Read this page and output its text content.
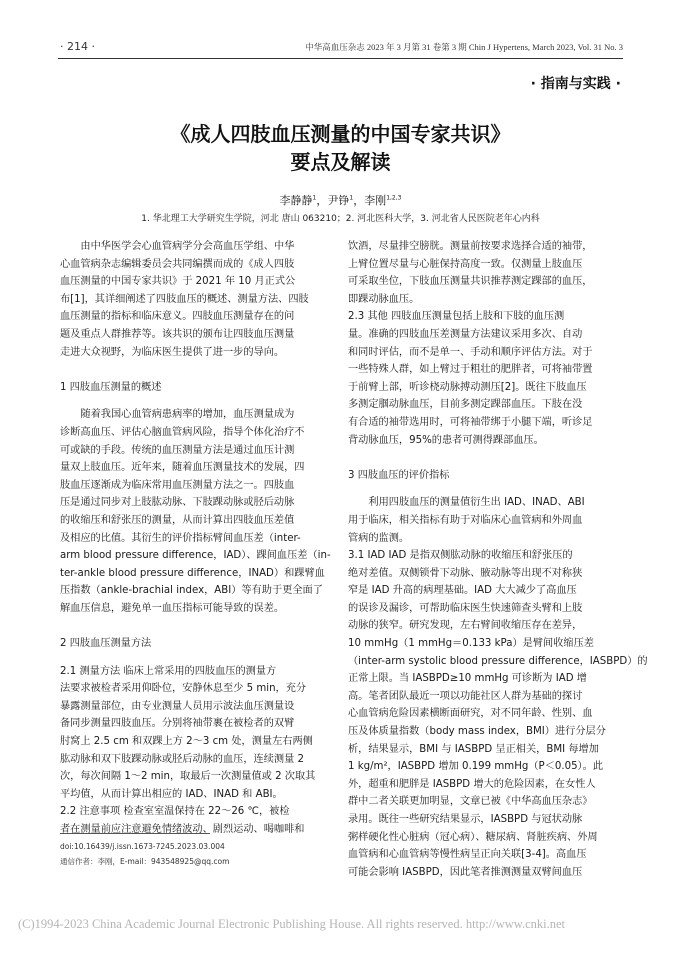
· 214 ·	中华高血压杂志 2023 年 3 月第 31 卷第 3 期 Chin J Hypertens, March 2023, Vol. 31 No. 3
· 指南与实践 ·
《成人四肢血压测量的中国专家共识》
要点及解读
李静静$^1$，尹铮$^1$，李刚$^{1,2,3}$
1. 华北理工大学研究生学院，河北 唐山 063210；2. 河北医科大学，3. 河北省人民医院老年心内科
由中华医学会心血管病学分会高血压学组、中华
心血管病杂志编辑委员会共同编撰而成的《成人四肢
血压测量的中国专家共识》于 2021 年 10 月正式公
布[1]，其详细阐述了四肢血压的概述、测量方法、四肢
血压测量的指标和临床意义。四肢血压测量存在的问
题及重点人群推荐等。该共识的颁布让四肢血压测量
走进大众视野，为临床医生提供了进一步的导向。

1 四肢血压测量的概述

随着我国心血管病患病率的增加，血压测量成为
诊断高血压、评估心脑血管病风险，指导个体化治疗不
可或缺的手段。传统的血压测量方法是通过血压计测
量双上肢血压。近年来，随着血压测量技术的发展，四
肢血压逐渐成为临床常用血压测量方法之一。四肢血
压是通过同步对上肢肱动脉、下肢踝动脉或胫后动脉
的收缩压和舒张压的测量，从而计算出四肢血压差值
及相应的比值。其衍生的评价指标臂间血压差（inter-
arm blood pressure difference，IAD）、踝间血压差（in-
ter-ankle blood pressure difference，INAD）和踝臂血
压指数（ankle-brachial index，ABI）等有助于更全面了
解血压信息，避免单一血压指标可能导致的误差。

2 四肢血压测量方法

2.1 测量方法 临床上常采用的四肢血压的测量方
法要求被检者采用仰卧位，安静休息至少 5 min，充分
暴露测量部位，由专业测量人员用示波法血压测量设
备同步测量四肢血压。分别将袖带裹在被检者的双臂
肘窝上 2.5 cm 和双踝上方 2～3 cm 处，测量左右两侧
肱动脉和双下肢踝动脉或胫后动脉的血压，连续测量 2
次，每次间隔 1～2 min，取最后一次测量值或 2 次取其
平均值，从而计算出相应的 IAD、INAD 和 ABI。
2.2 注意事项 检查室室温保持在 22～26 ℃，被检
者在测量前应注意避免情绪波动、剧烈运动、喝咖啡和
饮酒，尽量排空膀胱。测量前按要求选择合适的袖带，
上臂位置尽量与心脏保持高度一致。仅测量上肢血压
可采取坐位，下肢血压测量共识推荐测定踝部的血压，
即踝动脉血压。
2.3 其他 四肢血压测量包括上肢和下肢的血压测
量。准确的四肢血压差测量方法建议采用多次、自动
和同时评估，而不是单一、手动和顺序评估方法。对于
一些特殊人群，如上臂过于粗壮的肥胖者，可将袖带置
于前臂上部，听诊桡动脉搏动测压[2]。既往下肢血压
多测定腘动脉血压，目前多测定踝部血压。下肢在没
有合适的袖带选用时，可将袖带绑于小腿下端，听诊足
背动脉血压，95%的患者可测得踝部血压。

3 四肢血压的评价指标

利用四肢血压的测量值衍生出 IAD、INAD、ABI
用于临床，相关指标有助于对临床心血管病和外周血
管病的监测。
3.1 IAD IAD 是指双侧肱动脉的收缩压和舒张压的
绝对差值。双侧锁骨下动脉、腋动脉等出现不对称狭
窄是 IAD 升高的病理基础。IAD 大大减少了高血压
的误诊及漏诊，可帮助临床医生快速筛查头臂和上肢
动脉的狭窄。研究发现，左右臂间收缩压存在差异，
10 mmHg（1 mmHg＝0.133 kPa）是臂间收缩压差
（inter-arm systolic blood pressure difference，IASBPD）的
正常上限。当 IASBPD≥10 mmHg 可诊断为 IAD 增
高。笔者团队最近一项以功能社区人群为基础的探讨
心血管病危险因素横断面研究，对不同年龄、性别、血
压及体质量指数（body mass index，BMI）进行分层分
析，结果显示，BMI 与 IASBPD 呈正相关，BMI 每增加
1 kg/m²，IASBPD 增加 0.199 mmHg（P＜0.05）。此
外，超重和肥胖是 IASBPD 增大的危险因素，在女性人
群中二者关联更加明显，文章已被《中华高血压杂志》
录用。既往一些研究结果显示，IASBPD 与冠状动脉
粥样硬化性心脏病（冠心病）、糖尿病、肾脏疾病、外周
血管病和心血管病等慢性病呈正向关联[3-4]。高血压
可能会影响 IASBPD，因此笔者推测测量双臂间血压
doi:10.16439/j.issn.1673-7245.2023.03.004
通信作者：李刚，E-mail：943548925@qq.com
(C)1994-2023 China Academic Journal Electronic Publishing House. All rights reserved. http://www.cnki.net
